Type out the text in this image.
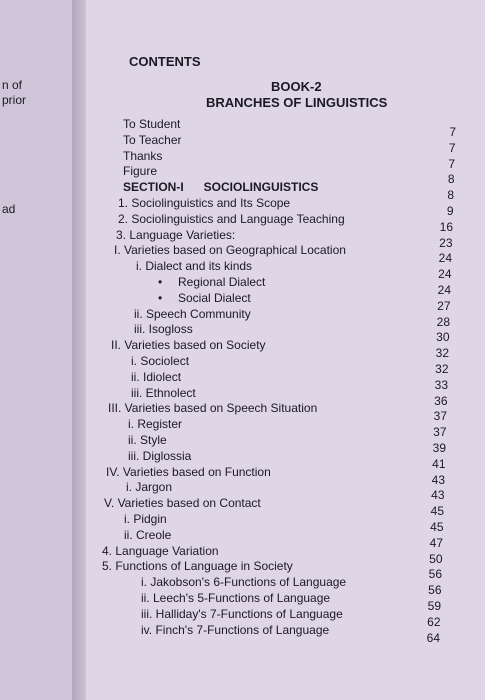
n of
prior
ad
CONTENTS
BOOK-2
BRANCHES OF LINGUISTICS
To Student
7
To Teacher
7
Thanks
7
Figure
8
SECTION-I      SOCIOLINGUISTICS
8
1. Sociolinguistics and Its Scope
9
2. Sociolinguistics and Language Teaching
16
3. Language Varieties:
23
I. Varieties based on Geographical Location
24
i. Dialect and its kinds
24
Regional Dialect
•
24
Social Dialect
•
27
ii. Speech Community
28
iii. Isogloss
30
II. Varieties based on Society
32
i. Sociolect
32
ii. Idiolect
33
iii. Ethnolect
36
III. Varieties based on Speech Situation
37
i. Register
37
ii. Style
39
iii. Diglossia
41
IV. Varieties based on Function
43
i. Jargon
43
V. Varieties based on Contact
45
i. Pidgin
45
ii. Creole
47
4. Language Variation
50
5. Functions of Language in Society
56
i. Jakobson's 6-Functions of Language
56
ii. Leech's 5-Functions of Language
59
iii. Halliday's 7-Functions of Language
62
iv. Finch's 7-Functions of Language
64
